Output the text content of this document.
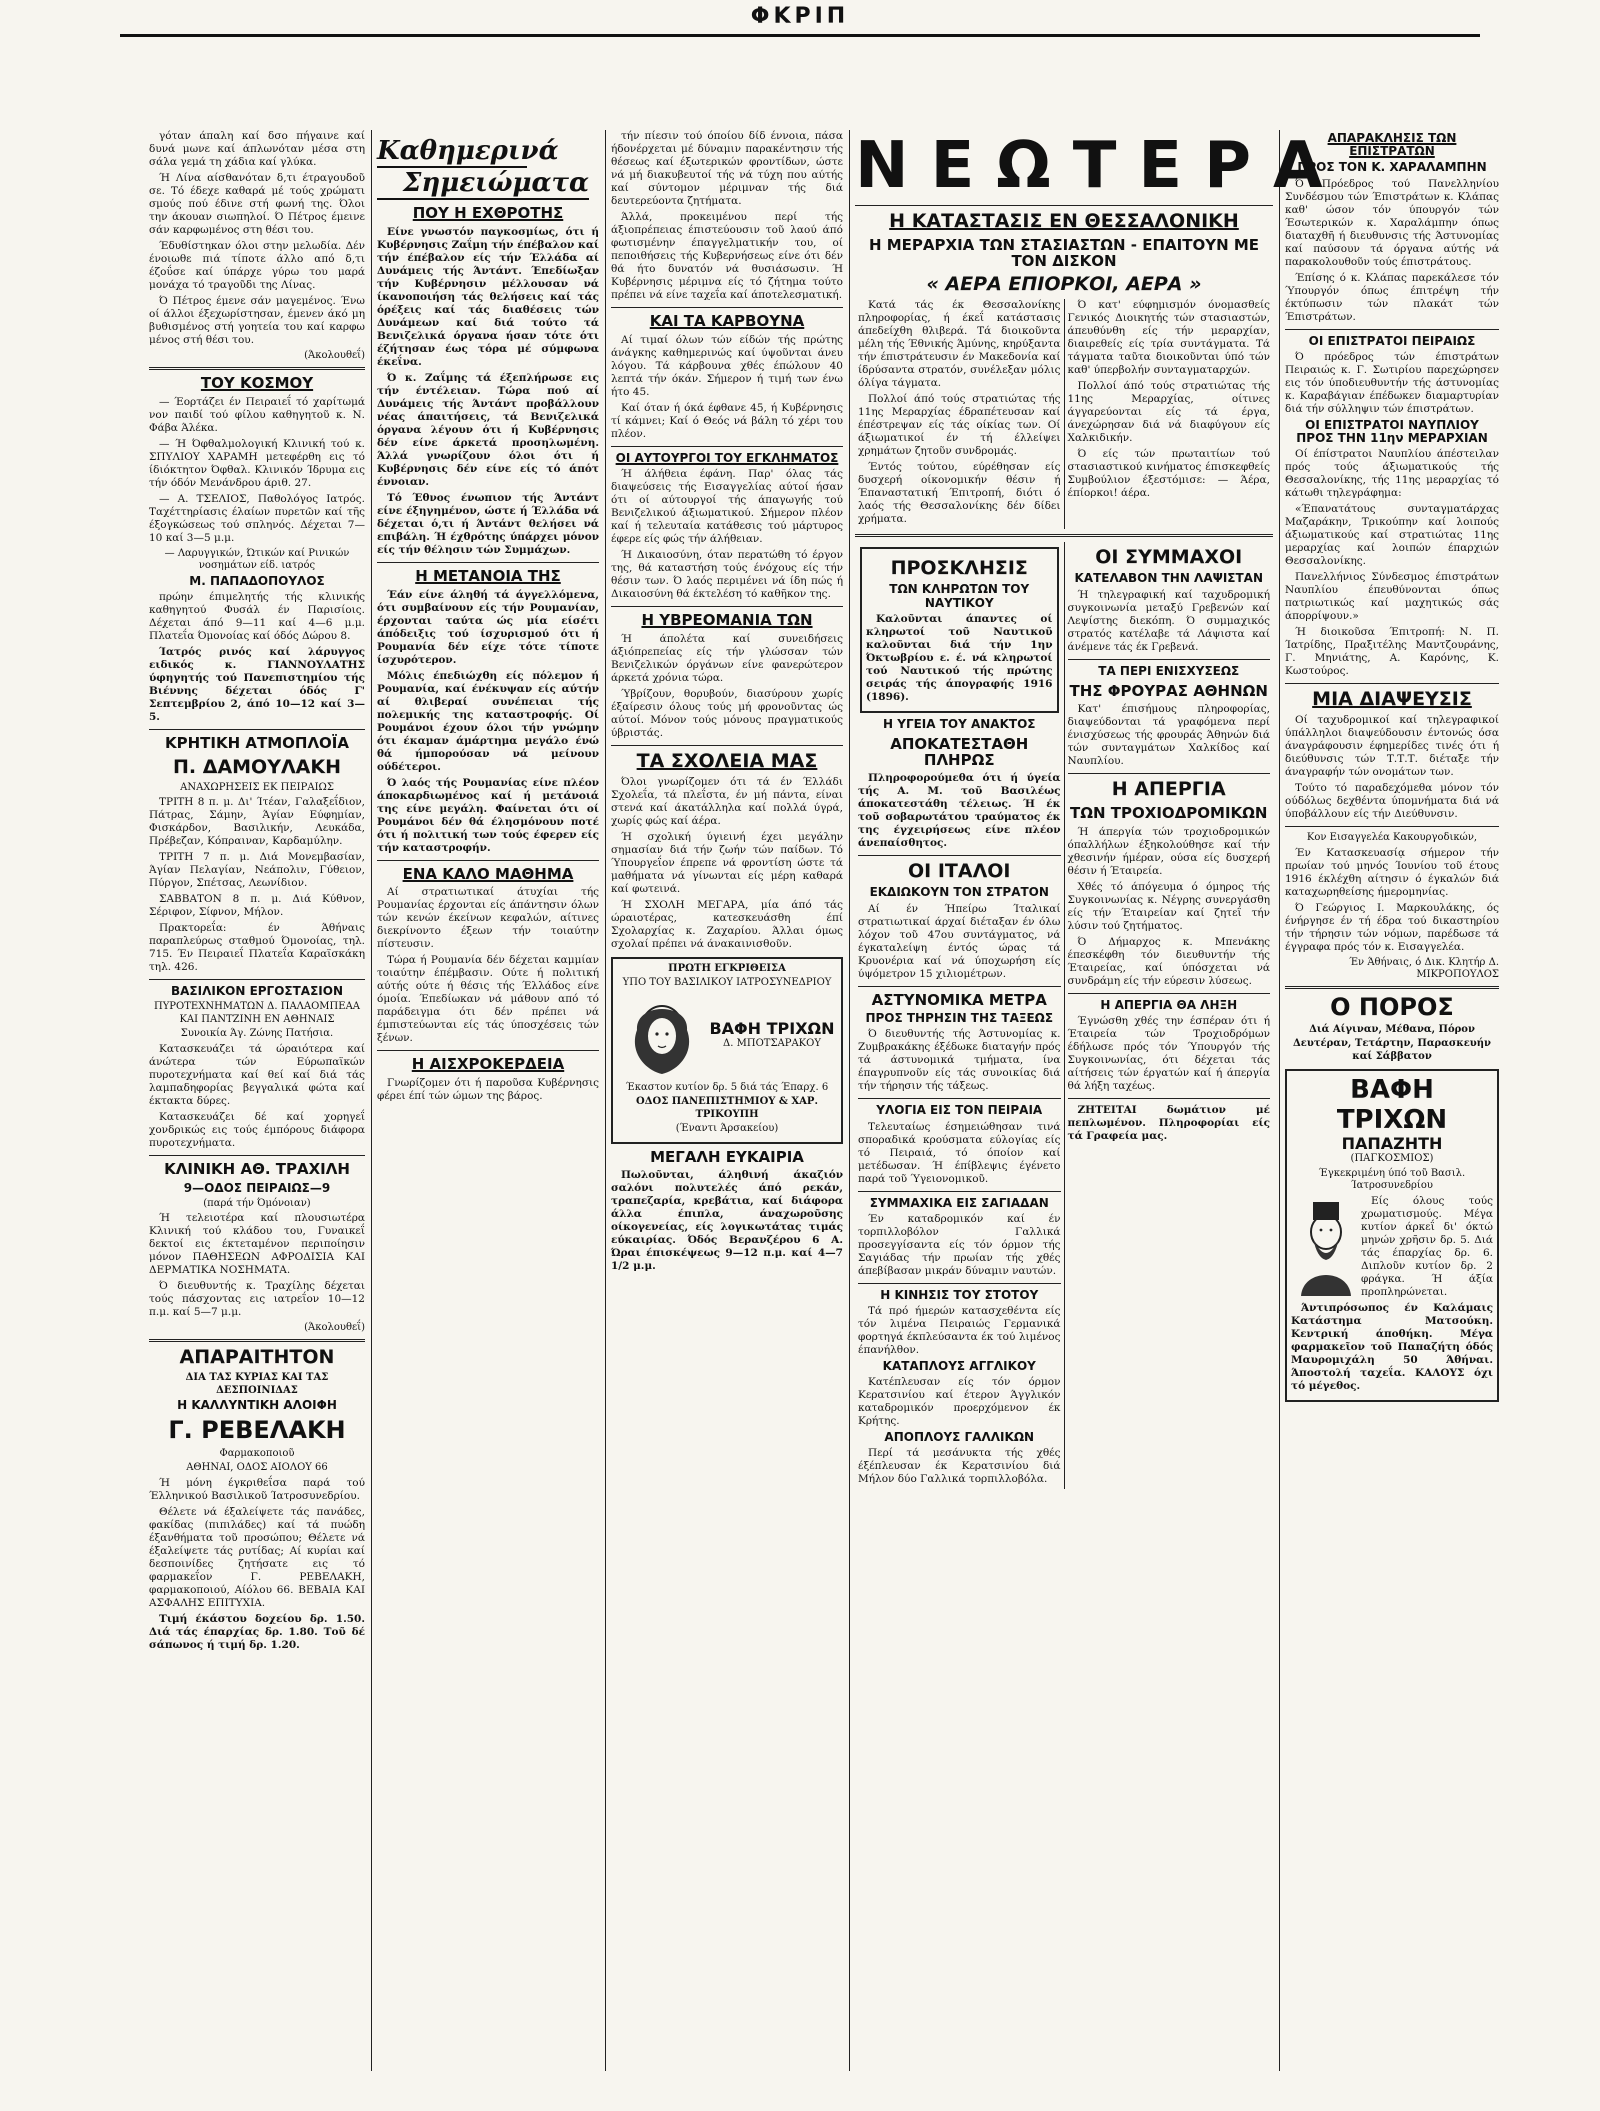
ΦΚΡΙΠ

γόταν άπαλη καί δσο πήγαινε καί δυνά μωνε καί άπλωνόταν μέσα στη σάλα γεμά τη χάδια καί γλύκα.

Ή Λίνα αίσθανόταν δ,τι έτραγουδοῦ σε. Τό έδεχε καθαρά μέ τούς χρώματι σμούς πού έδινε στή φωνή της. Όλοι την άκουαν σιωπηλοί. Ό Πέτρος έμεινε σάν καρφωμένος στη θέσι του.

Έδυθίστηκαν όλοι στην μελωδία. Δέν ένοιωθε πιά τίποτε άλλο από δ,τι έζοΰσε καί ύπάρχε γύρω του μαρά μονάχα τό τραγοῦδι της Λίνας.

Ό Πέτρος έμενε σάν μαγεμένος. Ένω οί άλλοι έξεχωρίστησαν, έμενεν άκό μη βυθισμένος στή γοητεία του καί καρφω μένος στή θέσι του.

(Άκολουθεΐ)

ΤΟΥ ΚΟΣΜΟΥ

— Έορτάζει έν Πειραιεΐ τό χαρίτωμά νον παιδί τού φίλου καθηγητοῦ κ. Ν. Φάβα Άλέκα.

— Ή Όφθαλμολογική Κλινική τού κ. ΣΠΥΛΙΟΥ ΧΑΡΑΜΗ μετεφέρθη εις τό ίδιόκτητον Όφθαλ. Κλινικόν Ίδρυμα εις τήν όδόν Μενάνδρου άριθ. 27.

— Α. ΤΣΕΛΙΟΣ, Παθολόγος Ιατρός. Ταχέττηρίασις έλαίων πυρετῶν καί τῆς έξογκώσεως τού σπληνός. Δέχεται 7—10 καί 3—5 μ.μ.

— Λαρυγγικών, Ώτικών καί Ρινικών νοσημάτων είδ. ιατρός

Μ. ΠΑΠΑΔΟΠΟΥΛΟΣ

πρώην έπιμελητής τής κλινικής καθηγητού Φυσάλ έν Παρισίοις. Δέχεται άπό 9—11 καί 4—6 μ.μ. Πλατεΐα Όμονοίας καί όδός Δώρου 8.

Ίατρός ρινός καί λάρυγγος ειδικός κ. ΓΙΑΝΝΟΥΛΑΤΗΣ ύφηγητής τού Πανεπιστημίου τής Βιέννης δέχεται όδός Γ' Σεπτεμβρίου 2, άπό 10—12 καί 3—5.

ΚΡΗΤΙΚΗ ΑΤΜΟΠΛΟΪΑ
Π. ΔΑΜΟΥΛΑΚΗ

ΑΝΑΧΩΡΗΣΕΙΣ ΕΚ ΠΕΙΡΑΙΩΣ

ΤΡΙΤΗ 8 π. μ. Δι' Ίτέαν, Γαλαξεΐδιον, Πάτρας, Σάμην, Άγίαν Εύφημίαν, Φισκάρδον, Βασιλικήν, Λευκάδα, Πρέβεζαν, Κόπραιναν, Καρδαμύλην.

ΤΡΙΤΗ 7 π. μ. Διά Μονεμβασίαν, Άγίαν Πελαγίαν, Νεάπολιν, Γύθειον, Πύργον, Σπέτσας, Λεωνίδιον.

ΣΑΒΒΑΤΟΝ 8 π. μ. Διά Κύθνον, Σέριφον, Σίφνον, Μήλον.

Πρακτορεΐα: έν Άθήναις παραπλεύρως σταθμού Όμονοίας, τηλ. 715. Έν Πειραιεΐ Πλατεΐα Καραϊσκάκη τηλ. 426.

ΒΑΣΙΛΙΚΟΝ ΕΡΓΟΣΤΑΣΙΟΝ

ΠΥΡΟΤΕΧΝΗΜΑΤΩΝ Δ. ΠΑΛΑΟΜΠΕΑΑ ΚΑΙ ΠΑΝΤΖΙΝΗ ΕΝ ΑΘΗΝΑΙΣ

Συνοικία Άγ. Ζώνης Πατήσια.

Κατασκευάζει τά ώραιότερα καί άνώτερα τών Εύρωπαϊκών πυροτεχνήματα καί θεί καί διά τάς λαμπαδηφορίας βεγγαλικά φώτα καί έκτακτα δύρες.

Κατασκευάζει δέ καί χορηγεΐ χονδρικώς εις τούς έμπόρους διάφορα πυροτεχνήματα.

ΚΛΙΝΙΚΗ ΑΘ. ΤΡΑΧΙΛΗ
9—ΟΔΟΣ ΠΕΙΡΑΙΩΣ—9

(παρά τήν Όμόνοιαν)

Ή τελειοτέρα καί πλουσιωτέρα Κλινική τού κλάδου του, Γυναικεΐ δεκτοί εις έκτεταμένον περιποίησιν μόνον ΠΑΘΗΣΕΩΝ ΑΦΡΟΔΙΣΙΑ ΚΑΙ ΔΕΡΜΑΤΙΚΑ ΝΟΣΗΜΑΤΑ.

Ό διευθυντής κ. Τραχίλης δέχεται τούς πάσχοντας εις ιατρεΐον 10—12 π.μ. καί 5—7 μ.μ.

(Άκολουθεΐ)

ΑΠΑΡΑΙΤΗΤΟΝ

ΔΙΑ ΤΑΣ ΚΥΡΙΑΣ ΚΑΙ ΤΑΣ ΔΕΣΠΟΙΝΙΔΑΣ

Η ΚΑΛΛΥΝΤΙΚΗ ΑΛΟΙΦΗ
Γ. ΡΕΒΕΛΑΚΗ

Φαρμακοποιοῦ

ΑΘΗΝΑΙ, ΟΔΟΣ ΑΙΟΛΟΥ 66

Ή μόνη έγκριθεΐσα παρά τού Έλληνικού Βασιλικοῦ Ίατροσυνεδρίου.

Θέλετε νά έξαλείψετε τάς πανάδες, φακίδας (πιπιλάδες) καί τά πυώδη έξανθήματα τοῦ προσώπου; Θέλετε νά έξαλείψετε τάς ρυτίδας; Αί κυρίαι καί δεσποινίδες ζητήσατε εις τό φαρμακεΐον Γ. ΡΕΒΕΛΑΚΗ, φαρμακοποιού, Αίόλου 66. ΒΕΒΑΙΑ ΚΑΙ ΑΣΦΑΛΗΣ ΕΠΙΤΥΧΙΑ.

Τιμή έκάστου δοχείου δρ. 1.50. Διά τάς έπαρχίας δρ. 1.80. Τοῦ δέ σάπωνος ή τιμή δρ. 1.20.

Καθημερινά
Σημειώματα
ΠΟΥ Η ΕΧΘΡΟΤΗΣ

Είνε γνωστόν παγκοσμίως, ότι ή Κυβέρνησις Ζαΐμη τήν έπέβαλον καί τήν έπέβαλον είς τήν Έλλάδα αί Δυνάμεις τής Άντάντ. Έπεδίωξαν τήν Κυβέρνησιν μέλλουσαν νά ίκανοποιήση τάς θελήσεις καί τάς όρέξεις καί τάς διαθέσεις τών Δυνάμεων καί διά τούτο τά Βενιζελικά όργανα ήσαν τότε ότι έζήτησαν έως τόρα μέ σύμφωνα έκεΐνα.

Ό κ. Ζαΐμης τά έξεπλήρωσε εις τήν έντέλειαν. Τώρα πού αί Δυνάμεις τής Άντάντ προβάλλουν νέας άπαιτήσεις, τά Βενιζελικά όργανα λέγουν ότι ή Κυβέρνησις δέν είνε άρκετά προσηλωμένη. Άλλά γνωρίζουν όλοι ότι ή Κυβέρνησις δέν είνε είς τό άπότ έννοιαν.

Τό Έθνος ένωπιον τής Άντάντ είνε έξηγημένον, ώστε ή Έλλάδα νά δέχεται ό,τι ή Άντάντ θελήσει νά επιβάλη. Ή έχθρότης ύπάρχει μόνον είς τήν θέλησιν τών Συμμάχων.

Η ΜΕΤΑΝΟΙΑ ΤΗΣ

Έάν είνε άληθή τά άγγελλόμενα, ότι συμβαίνουν είς τήν Ρουμανίαν, έρχονται ταύτα ώς μία είσέτι άπόδειξις τού ίσχυρισμού ότι ή Ρουμανία δέν είχε τότε τίποτε ίσχυρότερον.

Μόλις έπεδιώχθη είς πόλεμον ή Ρουμανία, καί ένέκυψαν είς αύτήν αί θλιβεραί συνέπειαι τής πολεμικής της καταστροφής. Οί Ρουμάνοι έχουν όλοι τήν γνώμην ότι έκαμαν άμάρτημα μεγάλο ένώ θά ήμπορούσαν νά μείνουν ούδέτεροι.

Ό λαός τής Ρουμανίας είνε πλέον άποκαρδιωμένος καί ή μετάνοιά της είνε μεγάλη. Φαίνεται ότι οί Ρουμάνοι δέν θά έλησμόνουν ποτέ ότι ή πολιτική των τούς έφερεν είς τήν καταστροφήν.

ΕΝΑ ΚΑΛΟ ΜΑΘΗΜΑ

Αί στρατιωτικαί άτυχίαι τής Ρουμανίας έρχονται είς άπάντησιν όλων τών κενών έκείνων κεφαλών, αίτινες διεκρίνοντο έξεων τήν τοιαύτην πίστευσιν.

Τώρα ή Ρουμανία δέν δέχεται καμμίαν τοιαύτην έπέμβασιν. Ούτε ή πολιτική αύτής ούτε ή θέσις τής Έλλάδος είνε όμοία. Έπεδίωκαν νά μάθουν από τό παράδειγμα ότι δέν πρέπει νά έμπιστεύωνται είς τάς ύποσχέσεις τών ξένων.

Η ΑΙΣΧΡΟΚΕΡΔΕΙΑ

Γνωρίζομεν ότι ή παροῦσα Κυβέρνησις φέρει έπί τών ώμων της βάρος.

τήν πίεσιν τού όποίου δίδ έννοια, πάσα ήδονέρχεται μέ δύναμιν παρακέντησιν τής θέσεως καί έξωτερικών φροντίδων, ώστε νά μή διακυβευτοί τής νά τύχη που αύτής καί σύντομον μέριμναν τής διά δευτερεύοντα ζητήματα.

Άλλά, προκειμένου περί τής άξιοπρέπειας έπιστεύουσιν τοῦ λαού άπό φωτισμένην έπαγγελματικήν του, οί πεποιθήσεις τής Κυβερνήσεως είνε ότι δέν θά ήτο δυνατόν νά θυσιάσωσιν. Ή Κυβέρνησις μέριμνα είς τό ζήτημα τούτο πρέπει νά είνε ταχεΐα καί άποτελεσματική.

ΚΑΙ ΤΑ ΚΑΡΒΟΥΝΑ

Αί τιμαί όλων τών είδών τής πρώτης άνάγκης καθημερινώς καί ύψοῦνται άνευ λόγου. Τά κάρβουνα χθές έπώλουν 40 λεπτά τήν όκάν. Σήμερον ή τιμή των ένω ήτο 45.

Καί όταν ή όκά έφθανε 45, ή Κυβέρνησις τί κάμνει; Καί ό Θεός νά βάλη τό χέρι του πλέον.

ΟΙ ΑΥΤΟΥΡΓΟΙ ΤΟΥ ΕΓΚΛΗΜΑΤΟΣ

Ή άλήθεια έφάνη. Παρ' όλας τάς διαψεύσεις τής Εισαγγελίας αύτοί ήσαν ότι οί αύτουργοί τής άπαγωγής τού Βενιζελικού άξιωματικού. Σήμερον πλέον καί ή τελευταία κατάθεσις τού μάρτυρος έφερε είς φώς τήν άλήθειαν.

Ή Δικαιοσύνη, όταν περατώθη τό έργον της, θά καταστήση τούς ένόχους είς τήν θέσιν των. Ό λαός περιμένει νά ίδη πώς ή Δικαιοσύνη θά έκτελέση τό καθῆκον της.

Η ΥΒΡΕΟΜΑΝΙΑ ΤΩΝ

Ή άπολέτα καί συνειδήσεις άξιόπρεπείας είς τήν γλώσσαν τών Βενιζελικών όργάνων είνε φανερώτερον άρκετά χρόνια τώρα.

Ύβρίζουν, θορυβούν, διασύρουν χωρίς έξαίρεσιν όλους τούς μή φρονοῦντας ώς αύτοί. Μόνον τούς μόνους πραγματικούς ύβριστάς.

ΤΑ ΣΧΟΛΕΙΑ ΜΑΣ

Όλοι γνωρίζομεν ότι τά έν Έλλάδι Σχολεΐα, τά πλεΐστα, έν μή πάντα, είναι στενά καί άκατάλληλα καί πολλά ύγρά, χωρίς φώς καί άέρα.

Ή σχολική ύγιεινή έχει μεγάλην σημασίαν διά τήν ζωήν τών παίδων. Τό Ύπουργεΐον έπρεπε νά φροντίση ώστε τά μαθήματα νά γίνωνται είς μέρη καθαρά καί φωτεινά.

Ή ΣΧΟΛΗ ΜΕΓΑΡΑ, μία άπό τάς ώραιοτέρας, κατεσκευάσθη έπί Σχολαρχίας κ. Ζαχαρίου. Άλλαι όμως σχολαί πρέπει νά άνακαινισθοῦν.

ΠΡΩΤΗ ΕΓΚΡΙΘΕΙΣΑ

ΥΠΟ ΤΟΥ ΒΑΣΙΛΙΚΟΥ ΙΑΤΡΟΣΥΝΕΔΡΙΟΥ

ΒΑΦΗ ΤΡΙΧΩΝ

Δ. ΜΠΟΤΣΑΡΑΚΟΥ

Έκαστον κυτίον δρ. 5 διά τάς Έπαρχ. 6

ΟΔΟΣ ΠΑΝΕΠΙΣΤΗΜΙΟΥ & ΧΑΡ. ΤΡΙΚΟΥΠΗ

(Έναντι Άρσακείου)

ΜΕΓΑΛΗ ΕΥΚΑΙΡΙΑ

Πωλοῦνται, άληθινή άκαζιόν σαλόνι πολυτελές άπό ρεκάν, τραπεζαρία, κρεβάτια, καί διάφορα άλλα έπιπλα, άναχωροῦσης οίκογενείας, είς λογικωτάτας τιμάς εύκαιρίας. Όδός Βερανζέρου 6 Α. Ώραι έπισκέψεως 9—12 π.μ. καί 4—7 1/2 μ.μ.

ΝΕΩΤΕΡΑ
Η ΚΑΤΑΣΤΑΣΙΣ ΕΝ ΘΕΣΣΑΛΟΝΙΚΗ
Η ΜΕΡΑΡΧΙΑ ΤΩΝ ΣΤΑΣΙΑΣΤΩΝ - ΕΠΑΙΤΟΥΝ ΜΕ ΤΟΝ ΔΙΣΚΟΝ
« ΑΕΡΑ ΕΠΙΟΡΚΟΙ, ΑΕΡΑ »

Κατά τάς έκ Θεσσαλονίκης πληροφορίας, ή έκεΐ κατάστασις άπεδείχθη θλιβερά. Τά διοικοῦντα μέλη τής Έθνικής Άμύνης, κηρύξαντα τήν έπιστράτευσιν έν Μακεδονία καί ίδρύσαντα στρατόν, συνέλεξαν μόλις όλίγα τάγματα.

Πολλοί άπό τούς στρατιώτας τής 11ης Μεραρχίας έδραπέτευσαν καί έπέστρεψαν είς τάς οίκίας των. Οί άξιωματικοί έν τή έλλείψει χρημάτων ζητοῦν συνδρομάς.

Έντός τούτου, εύρέθησαν είς δυσχερή οίκονομικήν θέσιν ή Έπαναστατική Έπιτροπή, διότι ό λαός τής Θεσσαλονίκης δέν δίδει χρήματα.

Ό κατ' εύφημισμόν όνομασθείς Γενικός Διοικητής τών στασιαστών, άπευθύνθη είς τήν μεραρχίαν, διαιρεθείς είς τρία συντάγματα. Τά τάγματα ταῦτα διοικοῦνται ύπό τών καθ' ύπερβολήν συνταγματαρχών.

Πολλοί άπό τούς στρατιώτας τής 11ης Μεραρχίας, οίτινες άγγαρεύονται είς τά έργα, άνεχώρησαν διά νά διαφύγουν είς Χαλκιδικήν.

Ό είς τών πρωταιτίων τού στασιαστικού κινήματος έπισκεφθείς Συμβούλιον έξεστόμισε: — Άέρα, έπίορκοι! άέρα.

ΠΡΟΣΚΛΗΣΙΣ
ΤΩΝ ΚΛΗΡΩΤΩΝ ΤΟΥ ΝΑΥΤΙΚΟΥ

Καλοῦνται άπαντες οί κληρωτοί τοῦ Ναυτικοῦ καλοῦνται διά τήν 1ην Όκτωβρίου ε. έ. νά κληρωτοί τού Ναυτικού τής πρώτης σειράς τής άπογραφής 1916 (1896).

Η ΥΓΕΙΑ ΤΟΥ ΑΝΑΚΤΟΣ
ΑΠΟΚΑΤΕΣΤΑΘΗ ΠΛΗΡΩΣ

Πληροφορούμεθα ότι ή ύγεία τής Α. Μ. τοῦ Βασιλέως άποκατεστάθη τέλειως. Ή έκ τοῦ σοβαρωτάτου τραύματος έκ της έγχειρήσεως είνε πλέον άνεπαίσθητος.

ΟΙ ΙΤΑΛΟΙ
ΕΚΔΙΩΚΟΥΝ ΤΟΝ ΣΤΡΑΤΟΝ

Αί έν Ήπείρω Ίταλικαί στρατιωτικαί άρχαί διέταξαν έν όλω λόχον τοῦ 47ου συντάγματος, νά έγκαταλείψη έντός ώρας τά Κρυονέρια καί νά ύποχωρήση είς ύψόμετρον 15 χιλιομέτρων.

ΑΣΤΥΝΟΜΙΚΑ ΜΕΤΡΑ
ΠΡΟΣ ΤΗΡΗΣΙΝ ΤΗΣ ΤΑΞΕΩΣ

Ό διευθυντής τής Άστυνομίας κ. Ζυμβρακάκης έξέδωκε διαταγήν πρός τά άστυνομικά τμήματα, ίνα έπαγρυπνοῦν είς τάς συνοικίας διά τήν τήρησιν τής τάξεως.

ΥΛΟΓΙΑ ΕΙΣ ΤΟΝ ΠΕΙΡΑΙΑ

Τελευταίως έσημειώθησαν τινά σποραδικά κρούσματα εύλογίας είς τό Πειραιά, τό όποίον καί μετέδωσαν. Ή έπίβλεψις έγένετο παρά τοῦ Ύγειονομικοῦ.

ΣΥΜΜΑΧΙΚΑ ΕΙΣ ΣΑΓΙΑΔΑΝ

Έν καταδρομικόν καί έν τορπιλλοβόλον Γαλλικά προσεγγίσαντα είς τόν όρμον τής Σαγιάδας τήν πρωίαν τής χθές άπεβίβασαν μικράν δύναμιν ναυτών.

Η ΚΙΝΗΣΙΣ ΤΟΥ ΣΤΟΤΟΥ

Τά πρό ήμερών κατασχεθέντα είς τόν λιμένα Πειραιώς Γερμανικά φορτηγά έκπλεύσαντα έκ τού λιμένος έπανήλθον.

ΚΑΤΑΠΛΟΥΣ ΑΓΓΛΙΚΟΥ

Κατέπλευσαν είς τόν όρμον Κερατσινίου καί έτερον Άγγλικόν καταδρομικόν προερχόμενον έκ Κρήτης.

ΑΠΟΠΛΟΥΣ ΓΑΛΛΙΚΩΝ

Περί τά μεσάνυκτα τής χθές έξέπλευσαν έκ Κερατσινίου διά Μήλον δύο Γαλλικά τορπιλλοβόλα.

ΟΙ ΣΥΜΜΑΧΟΙ
ΚΑΤΕΛΑΒΟΝ ΤΗΝ ΛΑΨΙΣΤΑΝ

Ή τηλεγραφική καί ταχυδρομική συγκοινωνία μεταξύ Γρεβενών καί Λεψίστης διεκόπη. Ό συμμαχικός στρατός κατέλαβε τά Λάψιστα καί άνέμενε τάς έκ Γρεβενά.

ΤΑ ΠΕΡΙ ΕΝΙΣΧΥΣΕΩΣ
ΤΗΣ ΦΡΟΥΡΑΣ ΑΘΗΝΩΝ

Κατ' έπισήμους πληροφορίας, διαψεύδονται τά γραφόμενα περί ένισχύσεως τής φρουράς Άθηνών διά τών συνταγμάτων Χαλκίδος καί Ναυπλίου.

Η ΑΠΕΡΓΙΑ
ΤΩΝ ΤΡΟΧΙΟΔΡΟΜΙΚΩΝ

Ή άπεργία τών τροχιοδρομικών όπαλλήλων έξηκολούθησε καί τήν χθεσινήν ήμέραν, ούσα είς δυσχερή θέσιν ή Έταιρεία.

Χθές τό άπόγευμα ό όμηρος τής Συγκοινωνίας κ. Νέγρης συνεργάσθη είς τήν Έταιρείαν καί ζητεΐ τήν λύσιν τού ζητήματος.

Ό Δήμαρχος κ. Μπενάκης έπεσκέφθη τόν διευθυντήν τής Έταιρείας, καί ύπόσχεται νά συνδράμη είς τήν εύρεσιν λύσεως.

Η ΑΠΕΡΓΙΑ ΘΑ ΛΗΞΗ

Έγνώσθη χθές την έσπέραν ότι ή Έταιρεία τών Τροχιοδρόμων έδήλωσε πρός τόν Ύπουργόν τής Συγκοινωνίας, ότι δέχεται τάς αίτήσεις τών έργατών καί ή άπεργία θά λήξη ταχέως.

ΖΗΤΕΙΤΑΙ δωμάτιον μέ πεπλωμένον. Πληροφορίαι είς τά Γραφεία μας.

ΑΠΑΡΑΚΛΗΣΙΣ ΤΩΝ ΕΠΙΣΤΡΑΤΩΝ
ΠΡΟΣ ΤΟΝ Κ. ΧΑΡΑΛΑΜΠΗΝ

Ό Πρόεδρος τού Πανελληνίου Συνδέσμου τών Έπιστράτων κ. Κλάπας καθ' ώσον τόν ύπουργόν τών Έσωτερικών κ. Χαραλάμπην όπως διαταχθῆ ή διευθυνσις τής Άστυνομίας καί παύσουν τά όργανα αύτής νά παρακολουθοῦν τούς έπιστράτους.

Έπίσης ό κ. Κλάπας παρεκάλεσε τόν Ύπουργόν όπως έπιτρέψη τήν έκτύπωσιν τών πλακάτ τών Έπιστράτων.

ΟΙ ΕΠΙΣΤΡΑΤΟΙ ΠΕΙΡΑΙΩΣ

Ό πρόεδρος τών έπιστράτων Πειραιώς κ. Γ. Σωτιρίου παρεχώρησεν εις τόν ύποδιευθυντήν τής άστυνομίας κ. Καραβάγιαν έπέδωκεν διαμαρτυρίαν διά τήν σύλληψιν τών έπιστράτων.

ΟΙ ΕΠΙΣΤΡΑΤΟΙ ΝΑΥΠΛΙΟΥ ΠΡΟΣ ΤΗΝ 11ην ΜΕΡΑΡΧΙΑΝ

Οί έπίστρατοι Ναυπλίου άπέστειλαν πρός τούς άξιωματικούς τής Θεσσαλονίκης, τής 11ης μεραρχίας τό κάτωθι τηλεγράφημα:

«Έπανατάτους συνταγματάρχας Μαζαράκην, Τρικούπην καί λοιπούς άξιωματικούς καί στρατιώτας 11ης μεραρχίας καί λοιπών έπαρχιών Θεσσαλονίκης.

Πανελλήνιος Σύνδεσμος έπιστράτων Ναυπλίου έπευθύνονται όπως πατριωτικώς καί μαχητικώς σάς άπορρίψουν.»

Ή διοικοῦσα Έπιτροπή: Ν. Π. Ίατρίδης, Πραξιτέλης Μαντζουράνης, Γ. Μηνιάτης, Α. Καρόνης, Κ. Κωστούρος.

ΜΙΑ ΔΙΑΨΕΥΣΙΣ

Οί ταχυδρομικοί καί τηλεγραφικοί ύπάλληλοι διαψεύδουσιν έντονώς όσα άναγράφουσιν έφημερίδες τινές ότι ή διεύθυνσις τών Τ.Τ.Τ. διέταξε τήν άναγραφήν τών ονομάτων των.

Τούτο τό παραδεχόμεθα μόνον τόν ούδόλως δεχθέντα ύπομνήματα διά νά ύποβάλλουν είς τήν Διεύθυνσιν.

Κον Εισαγγελέα Κακουργοδικών,

Έν Κατασκευασίᾳ σήμερον τήν πρωίαν τού μηνός Ίουνίου τοῦ έτους 1916 έκλέχθη αίτησιν ό έγκαλών διά καταχωρηθείσης ήμερομηνίας.

Ό Γεώργιος Ι. Μαρκουλάκης, ός ένήργησε έν τή έδρα τού δικαστηρίου τήν τήρησιν τών νόμων, παρέδωσε τά έγγραφα πρός τόν κ. Εισαγγελέα.

Έν Άθήναις, ό Δικ. Κλητήρ Δ. ΜΙΚΡΟΠΟΥΛΟΣ

Ο ΠΟΡΟΣ

Διά Αίγιναν, Μέθανα, Πόρον

Δευτέραν, Τετάρτην, Παρασκευήν καί Σάββατον

ΒΑΦΗ ΤΡΙΧΩΝ
ΠΑΠΑΖΗΤΗ

(ΠΑΓΚΟΣΜΙΟΣ)

Έγκεκριμένη ύπό τοῦ Βασιλ. Ίατροσυνεδρίου

Είς όλους τούς χρωματισμούς. Μέγα κυτίον άρκεΐ δι' όκτώ μηνών χρῆσιν δρ. 5. Διά τάς έπαρχίας δρ. 6. Διπλοῦν κυτίον δρ. 2 φράγκα. Ή άξία προπληρώνεται.

Άντιπρόσωπος έν Καλάμαις Κατάστημα Ματσούκη. Κεντρική άποθήκη. Μέγα φαρμακεῖον τοῦ Παπαζήτη όδός Μαυρομιχάλη 50 Άθήναι. Άποστολή ταχεΐα. ΚΑΛΟΥΣ όχι τό μέγεθος.
